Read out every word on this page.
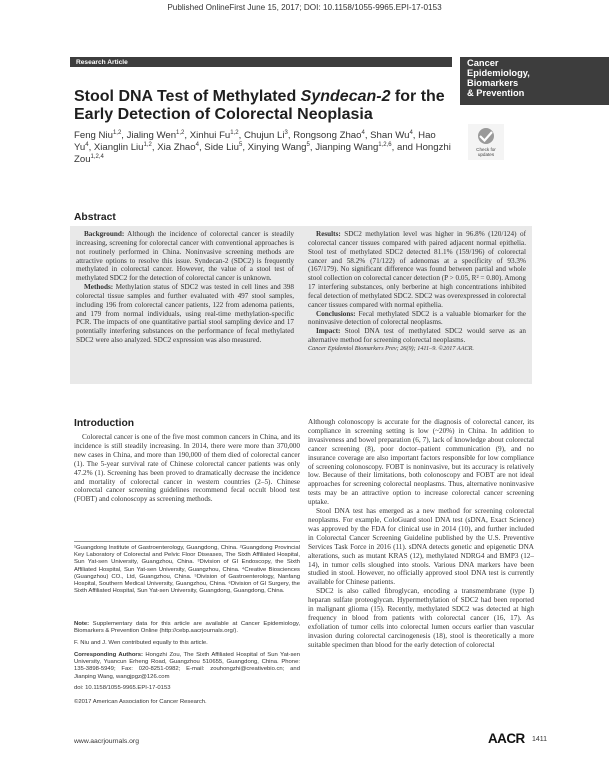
Published OnlineFirst June 15, 2017; DOI: 10.1158/1055-9965.EPI-17-0153
Research Article	Cancer
Epidemiology,
Biomarkers
& Prevention
Stool DNA Test of Methylated Syndecan-2 for the Early Detection of Colorectal Neoplasia
Feng Niu$^{1,2}$, Jialing Wen$^{1,2}$, Xinhui Fu$^{1,2}$, Chujun Li$^3$, Rongsong Zhao$^4$, Shan Wu$^4$, Hao Yu$^4$, Xianglin Liu$^{1,2}$, Xia Zhao$^4$, Side Liu$^5$, Xinying Wang$^5$, Jianping Wang$^{1,2,6}$, and Hongzhi Zou$^{1,2,4}$
Check for
updates
Abstract

Background: Although the incidence of colorectal cancer is steadily increasing, screening for colorectal cancer with conventional approaches is not routinely performed in China. Noninvasive screening methods are attractive options to resolve this issue. Syndecan-2 (SDC2) is frequently methylated in colorectal cancer. However, the value of a stool test of methylated SDC2 for the detection of colorectal cancer is unknown.

Methods: Methylation status of SDC2 was tested in cell lines and 398 colorectal tissue samples and further evaluated with 497 stool samples, including 196 from colorectal cancer patients, 122 from adenoma patients, and 179 from normal individuals, using real-time methylation-specific PCR. The impacts of one quantitative partial stool sampling device and 17 potentially interfering substances on the performance of fecal methylated SDC2 were also analyzed. SDC2 expression was also measured.

Results: SDC2 methylation level was higher in 96.8% (120/124) of colorectal cancer tissues compared with paired adjacent normal epithelia. Stool test of methylated SDC2 detected 81.1% (159/196) of colorectal cancer and 58.2% (71/122) of adenomas at a specificity of 93.3% (167/179). No significant difference was found between partial and whole stool collection on colorectal cancer detection (P > 0.05, R² = 0.80). Among 17 interfering substances, only berberine at high concentrations inhibited fecal detection of methylated SDC2. SDC2 was overexpressed in colorectal cancer tissues compared with normal epithelia.

Conclusions: Fecal methylated SDC2 is a valuable biomarker for the noninvasive detection of colorectal neoplasms.

Impact: Stool DNA test of methylated SDC2 would serve as an alternative method for screening colorectal neoplasms.

Cancer Epidemiol Biomarkers Prev; 26(9); 1411–9. ©2017 AACR.
Introduction

Colorectal cancer is one of the five most common cancers in China, and its incidence is still steadily increasing. In 2014, there were more than 370,000 new cases in China, and more than 190,000 of them died of colorectal cancer (1). The 5-year survival rate of Chinese colorectal cancer patients was only 47.2% (1). Screening has been proved to dramatically decrease the incidence and mortality of colorectal cancer in western countries (2–5). Chinese colorectal cancer screening guidelines recommend fecal occult blood test (FOBT) and colonoscopy as screening methods.

Although colonoscopy is accurate for the diagnosis of colorectal cancer, its compliance in screening setting is low (~20%) in China. In addition to invasiveness and bowel preparation (6, 7), lack of knowledge about colorectal cancer screening (8), poor doctor–patient communication (9), and no insurance coverage are also important factors responsible for low compliance of screening colonoscopy. FOBT is noninvasive, but its accuracy is relatively low. Because of their limitations, both colonoscopy and FOBT are not ideal approaches for screening colorectal neoplasms. Thus, alternative noninvasive tests may be an attractive option to increase colorectal cancer screening uptake.

Stool DNA test has emerged as a new method for screening colorectal neoplasms. For example, ColoGuard stool DNA test (sDNA, Exact Science) was approved by the FDA for clinical use in 2014 (10), and further included in Colorectal Cancer Screening Guideline published by the U.S. Preventive Services Task Force in 2016 (11). sDNA detects genetic and epigenetic DNA alterations, such as mutant KRAS (12), methylated NDRG4 and BMP3 (12–14), in tumor cells sloughed into stools. Various DNA markers have been studied in stool. However, no officially approved stool DNA test is currently available for Chinese patients.

SDC2 is also called fibroglycan, encoding a transmembrane (type I) heparan sulfate proteoglycan. Hypermethylation of SDC2 had been reported in malignant glioma (15). Recently, methylated SDC2 was detected at high frequency in blood from patients with colorectal cancer (16, 17). As exfoliation of tumor cells into colorectal lumen occurs earlier than vascular invasion during colorectal carcinogenesis (18), stool is theoretically a more suitable specimen than blood for the early detection of colorectal

¹Guangdong Institute of Gastroenterology, Guangdong, China. ²Guangdong Provincial Key Laboratory of Colorectal and Pelvic Floor Diseases, The Sixth Affiliated Hospital, Sun Yat-sen University, Guangzhou, China. ³Division of GI Endoscopy, the Sixth Affiliated Hospital, Sun Yat-sen University, Guangzhou, China. ⁴Creative Biosciences (Guangzhou) CO., Ltd, Guangzhou, China. ⁵Division of Gastroenterology, Nanfang Hospital, Southern Medical University, Guangzhou, China. ⁶Division of GI Surgery, the Sixth Affiliated Hospital, Sun Yat-sen University, Guangdong, Guangdong, China.
Note: Supplementary data for this article are available at Cancer Epidemiology, Biomarkers & Prevention Online (http://cebp.aacrjournals.org/).
F. Niu and J. Wen contributed equally to this article.
Corresponding Authors: Hongzhi Zou, The Sixth Affiliated Hospital of Sun Yat-sen University, Yuancun Erheng Road, Guangzhou 510655, Guangdong, China. Phone: 135-3898-5949; Fax: 020-8251-0982; E-mail: zouhongzhi@creativebio.cn; and Jianping Wang, wangjpgz@126.com
doi: 10.1158/1055-9965.EPI-17-0153
©2017 American Association for Cancer Research.
www.aacrjournals.org	AACR 1411
